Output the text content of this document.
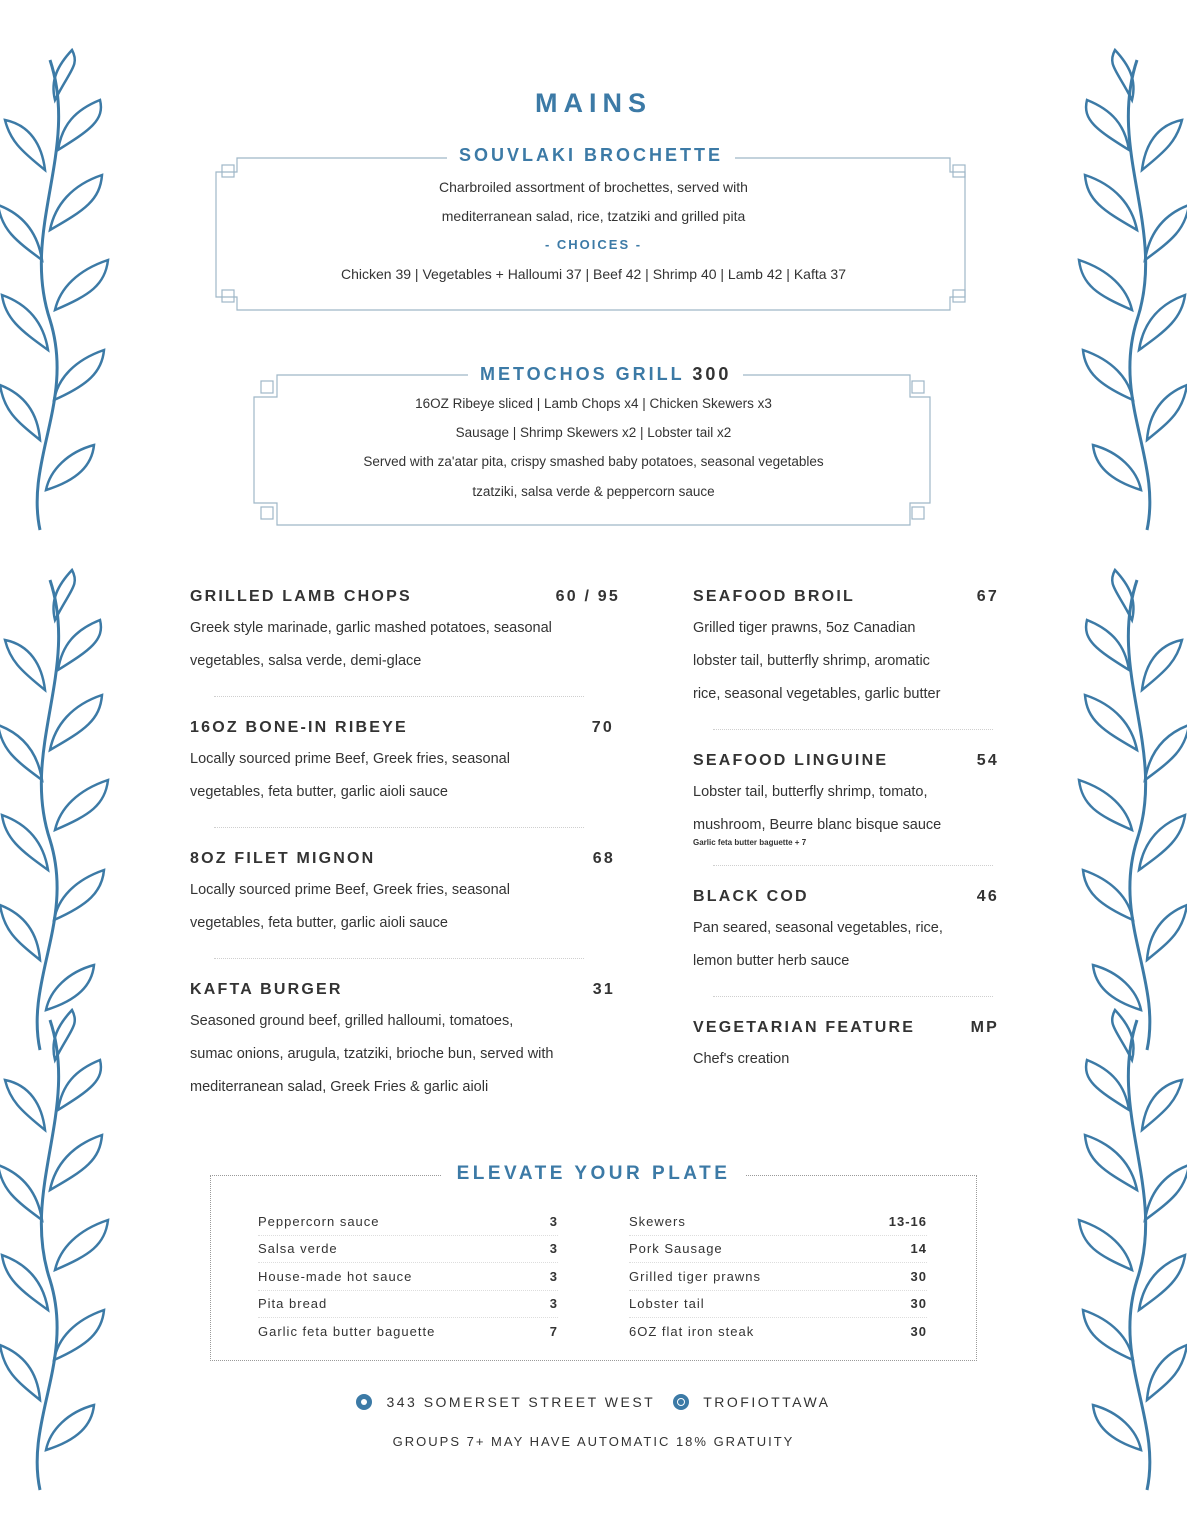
MAINS
SOUVLAKI BROCHETTE
Charbroiled assortment of brochettes, served with
mediterranean salad, rice, tzatziki and grilled pita
- CHOICES -
Chicken 39 | Vegetables + Halloumi 37 | Beef 42 | Shrimp 40 | Lamb 42 | Kafta 37
METOCHOS GRILL 300
16OZ Ribeye sliced | Lamb Chops x4 | Chicken Skewers x3
Sausage | Shrimp Skewers x2 | Lobster tail x2
Served with za'atar pita, crispy smashed baby potatoes, seasonal vegetables
tzatziki, salsa verde & peppercorn sauce
GRILLED LAMB CHOPS	60 / 95
Greek style marinade, garlic mashed potatoes, seasonal
vegetables, salsa verde, demi-glace
16OZ BONE-IN RIBEYE	70
Locally sourced prime Beef, Greek fries, seasonal
vegetables, feta butter, garlic aioli sauce
8OZ FILET MIGNON	68
Locally sourced prime Beef, Greek fries, seasonal
vegetables, feta butter, garlic aioli sauce
KAFTA BURGER	31
Seasoned ground beef, grilled halloumi, tomatoes,
sumac onions, arugula, tzatziki, brioche bun, served with
mediterranean salad, Greek Fries & garlic aioli
SEAFOOD BROIL	67
Grilled tiger prawns, 5oz Canadian
lobster tail, butterfly shrimp, aromatic
rice, seasonal vegetables, garlic butter
SEAFOOD LINGUINE	54
Lobster tail, butterfly shrimp, tomato,
mushroom, Beurre blanc bisque sauce
Garlic feta butter baguette + 7
BLACK COD	46
Pan seared, seasonal vegetables, rice,
lemon butter herb sauce
VEGETARIAN FEATURE	MP
Chef's creation
ELEVATE YOUR PLATE
Peppercorn sauce	3
Salsa verde	3
House-made hot sauce	3
Pita bread	3
Garlic feta butter baguette	7
Skewers	13-16
Pork Sausage	14
Grilled tiger prawns	30
Lobster tail	30
6OZ flat iron steak	30
343 SOMERSET STREET WEST	TROFIOTTAWA
GROUPS 7+ MAY HAVE AUTOMATIC 18% GRATUITY
